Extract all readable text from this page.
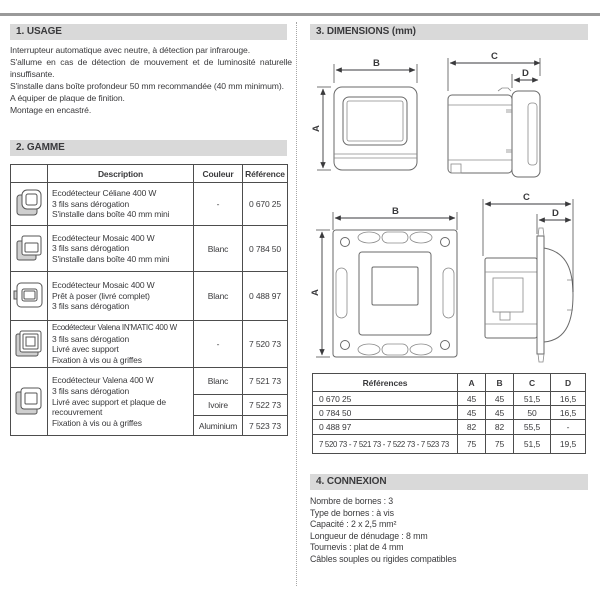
1. USAGE

Interrupteur automatique avec neutre, à détection par infrarouge.

S'allume en cas de détection de mouvement et de luminosité naturelle insuffisante.

S'installe dans boîte profondeur 50 mm recommandée (40 mm minimum).

A équiper de plaque de finition.

Montage en encastré.

2. GAMME
	Description	Couleur	Référence

Ecodétecteur Céliane 400 W
3 fils sans dérogation
S'installe dans boîte 40 mm mini	-	0 670 25

Ecodétecteur Mosaic 400 W
3 fils sans dérogation
S'installe dans boîte 40 mm mini	Blanc	0 784 50

Ecodétecteur Mosaic 400 W
Prêt à poser (livré complet)
3 fils sans dérogation	Blanc	0 488 97

Ecodétecteur Valena IN'MATIC 400 W
3 fils sans dérogation
Livré avec support
Fixation à vis ou à griffes	-	7 520 73

Ecodétecteur Valena 400 W
3 fils sans dérogation
Livré avec support et plaque de recouvrement
Fixation à vis ou à griffes	Blanc	7 521 73
		Ivoire	7 522 73
		Aluminium	7 523 73
3. DIMENSIONS (mm)
B
A
C
D
B
A
C
D
Références	A	B	C	D
0 670 25	45	45	51,5	16,5
0 784 50	45	45	50	16,5
0 488 97	82	82	55,5	-
7 520 73 - 7 521 73 - 7 522 73 - 7 523 73	75	75	51,5	19,5
4. CONNEXION

Nombre de bornes : 3

Type de bornes : à vis

Capacité : 2 x 2,5 mm²

Longueur de dénudage : 8 mm

Tournevis : plat de 4 mm

Câbles souples ou rigides compatibles
